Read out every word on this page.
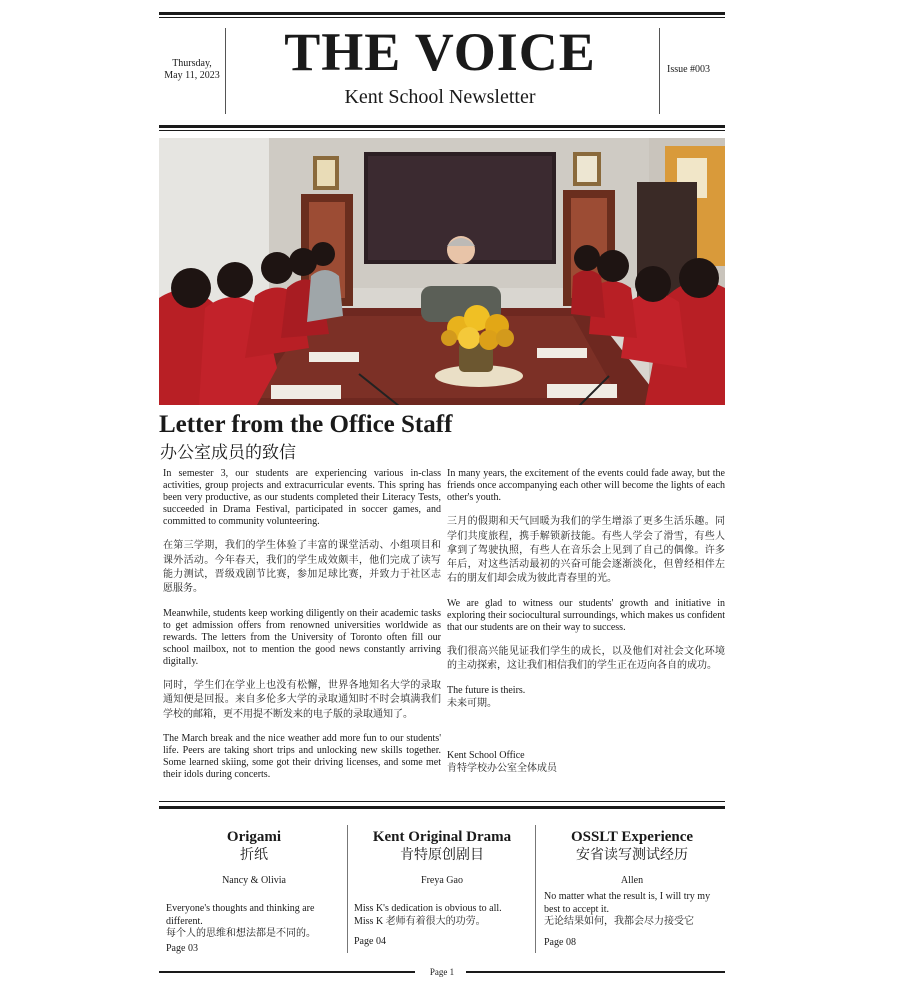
Thursday,
May 11, 2023	THE VOICE
Kent School Newsletter
Issue #003
Letter from the Office Staff
办公室成员的致信

In semester 3, our students are experiencing various in-class activities, group projects and extracurricular events. This spring has been very productive, as our students completed their Literacy Tests, succeeded in Drama Festival, participated in soccer games, and committed to community volunteering.

在第三学期，我们的学生体验了丰富的课堂活动、小组项目和课外活动。今年春天，我们的学生成效颇丰，他们完成了读写能力测试，晋级戏剧节比赛，参加足球比赛，并致力于社区志愿服务。

Meanwhile, students keep working diligently on their academic tasks to get admission offers from renowned universities worldwide as rewards. The letters from the University of Toronto often fill our school mailbox, not to mention the good news constantly arriving digitally.

同时，学生们在学业上也没有松懈，世界各地知名大学的录取通知便是回报。来自多伦多大学的录取通知时不时会填满我们学校的邮箱，更不用提不断发来的电子版的录取通知了。

The March break and the nice weather add more fun to our students' life. Peers are taking short trips and unlocking new skills together. Some learned skiing, some got their driving licenses, and some met their idols during concerts.

In many years, the excitement of the events could fade away, but the friends once accompanying each other will become the lights of each other's youth.

三月的假期和天气回暖为我们的学生增添了更多生活乐趣。同学们共度旅程，携手解锁新技能。有些人学会了滑雪，有些人拿到了驾驶执照，有些人在音乐会上见到了自己的偶像。许多年后，对这些活动最初的兴奋可能会逐渐淡化，但曾经相伴左右的朋友们却会成为彼此青春里的光。

We are glad to witness our students' growth and initiative in exploring their sociocultural surroundings, which makes us confident that our students are on their way to success.

我们很高兴能见证我们学生的成长，以及他们对社会文化环境的主动探索，这让我们相信我们的学生正在迈向各自的成功。

The future is theirs.

未来可期。

Kent School Office
肯特学校办公室全体成员
Origami
折纸
Nancy & Olivia
Everyone's thoughts and thinking are different.
每个人的思维和想法都是不同的。
Page 03
Kent Original Drama
肯特原创剧目
Freya Gao
Miss K's dedication is obvious to all.
Miss K 老师有着很大的功劳。
Page 04
OSSLT Experience
安省读写测试经历
Allen
No matter what the result is, I will try my best to accept it.
无论结果如何，我都会尽力接受它
Page 08
Page 1
